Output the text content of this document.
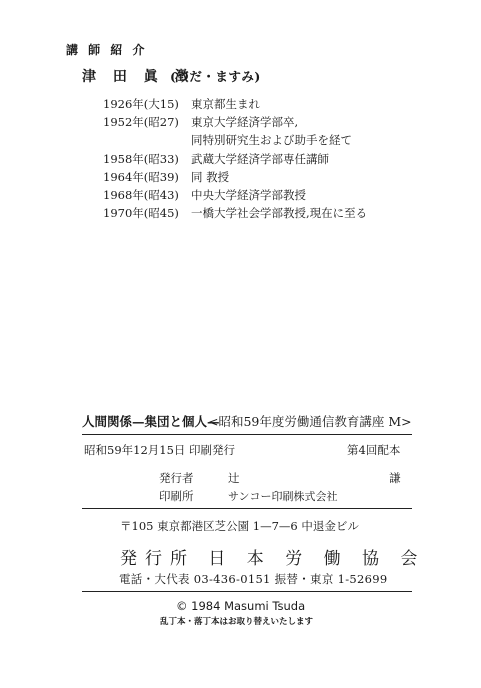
講 師 紹 介
津 田 眞 澂
(つだ・ますみ)
1926年(大15)	東京都生まれ
1952年(昭27)	東京大学経済学部卒,
同特別研究生および助手を経て
1958年(昭33)	武蔵大学経済学部専任講師
1964年(昭39)	同 教授
1968年(昭43)	中央大学経済学部教授
1970年(昭45)	一橋大学社会学部教授,現在に至る
人間関係—集団と個人—
<昭和59年度労働通信教育講座 M>
昭和59年12月15日 印刷発行	第4回配本
発行者	辻 謙
印刷所	サンコー印刷株式会社
〒105 東京都港区芝公園 1—7—6 中退金ビル
発行所 日 本 労 働 協 会
電話・大代表 03-436-0151 振替・東京 1-52699
© 1984 Masumi Tsuda
乱丁本・落丁本はお取り替えいたします
